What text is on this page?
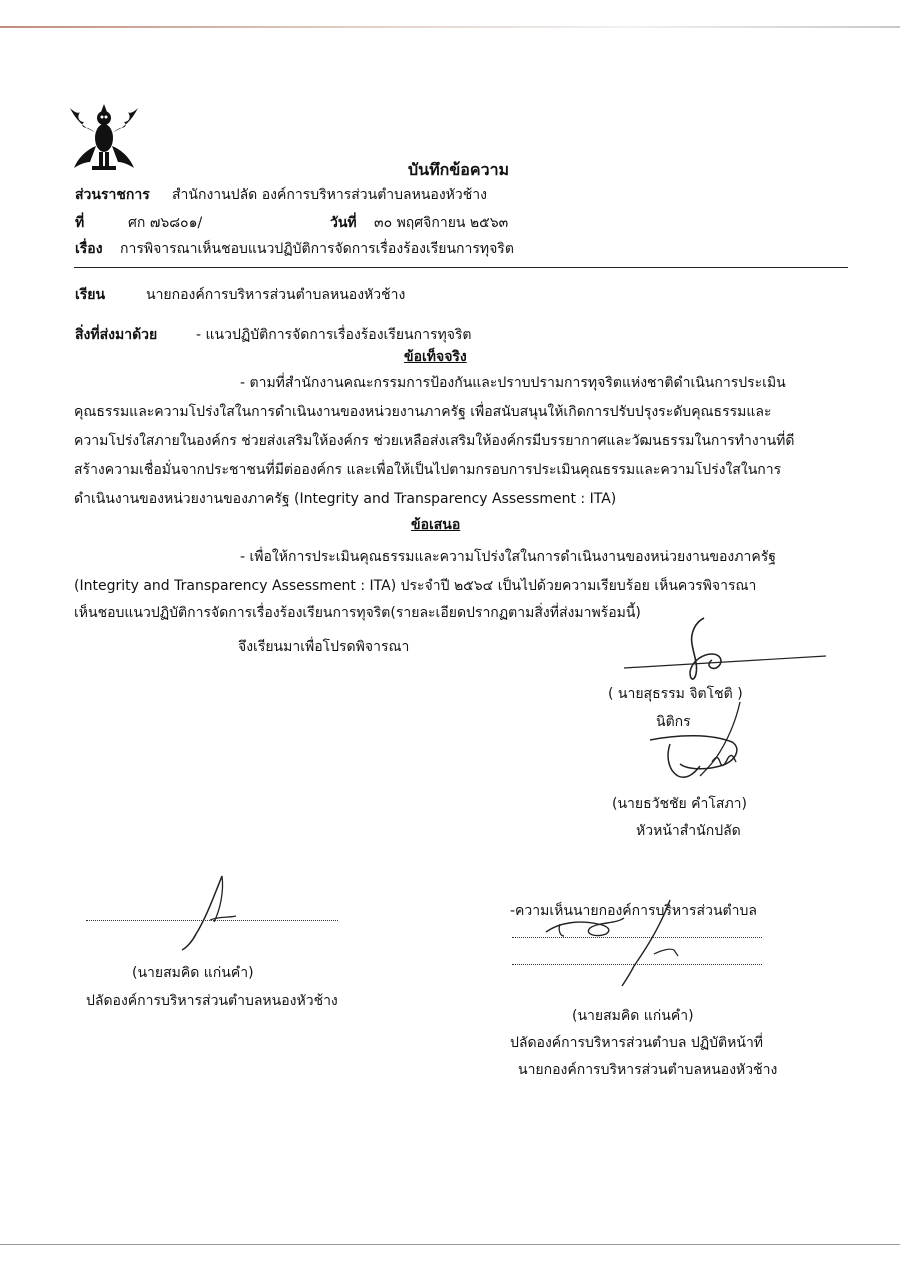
บันทึกข้อความ
ส่วนราชการ สำนักงานปลัด องค์การบริหารส่วนตำบลหนองหัวช้าง
ที่	ศก ๗๖๘๐๑/	วันที่ ๓๐ พฤศจิกายน ๒๕๖๓
เรื่อง การพิจารณาเห็นชอบแนวปฏิบัติการจัดการเรื่องร้องเรียนการทุจริต
เรียน	นายกองค์การบริหารส่วนตำบลหนองหัวช้าง
สิ่งที่ส่งมาด้วย	- แนวปฏิบัติการจัดการเรื่องร้องเรียนการทุจริต
ข้อเท็จจริง
- ตามที่สำนักงานคณะกรรมการป้องกันและปราบปรามการทุจริตแห่งชาติดำเนินการประเมิน
คุณธรรมและความโปร่งใสในการดำเนินงานของหน่วยงานภาครัฐ เพื่อสนับสนุนให้เกิดการปรับปรุงระดับคุณธรรมและ
ความโปร่งใสภายในองค์กร ช่วยส่งเสริมให้องค์กร ช่วยเหลือส่งเสริมให้องค์กรมีบรรยากาศและวัฒนธรรมในการทำงานที่ดี
สร้างความเชื่อมั่นจากประชาชนที่มีต่อองค์กร และเพื่อให้เป็นไปตามกรอบการประเมินคุณธรรมและความโปร่งใสในการ
ดำเนินงานของหน่วยงานของภาครัฐ (Integrity and Transparency Assessment : ITA)
ข้อเสนอ
- เพื่อให้การประเมินคุณธรรมและความโปร่งใสในการดำเนินงานของหน่วยงานของภาครัฐ
(Integrity and Transparency Assessment : ITA) ประจำปี ๒๕๖๔ เป็นไปด้วยความเรียบร้อย เห็นควรพิจารณา
เห็นชอบแนวปฏิบัติการจัดการเรื่องร้องเรียนการทุจริต(รายละเอียดปรากฏตามสิ่งที่ส่งมาพร้อมนี้)
จึงเรียนมาเพื่อโปรดพิจารณา
( นายสุธรรม จิตโชติ )
นิติกร
(นายธวัชชัย คำโสภา)
หัวหน้าสำนักปลัด
(นายสมคิด แก่นคำ)
ปลัดองค์การบริหารส่วนตำบลหนองหัวช้าง
-ความเห็นนายกองค์การบริหารส่วนตำบล
(นายสมคิด แก่นคำ)
ปลัดองค์การบริหารส่วนตำบล ปฏิบัติหน้าที่
นายกองค์การบริหารส่วนตำบลหนองหัวช้าง
